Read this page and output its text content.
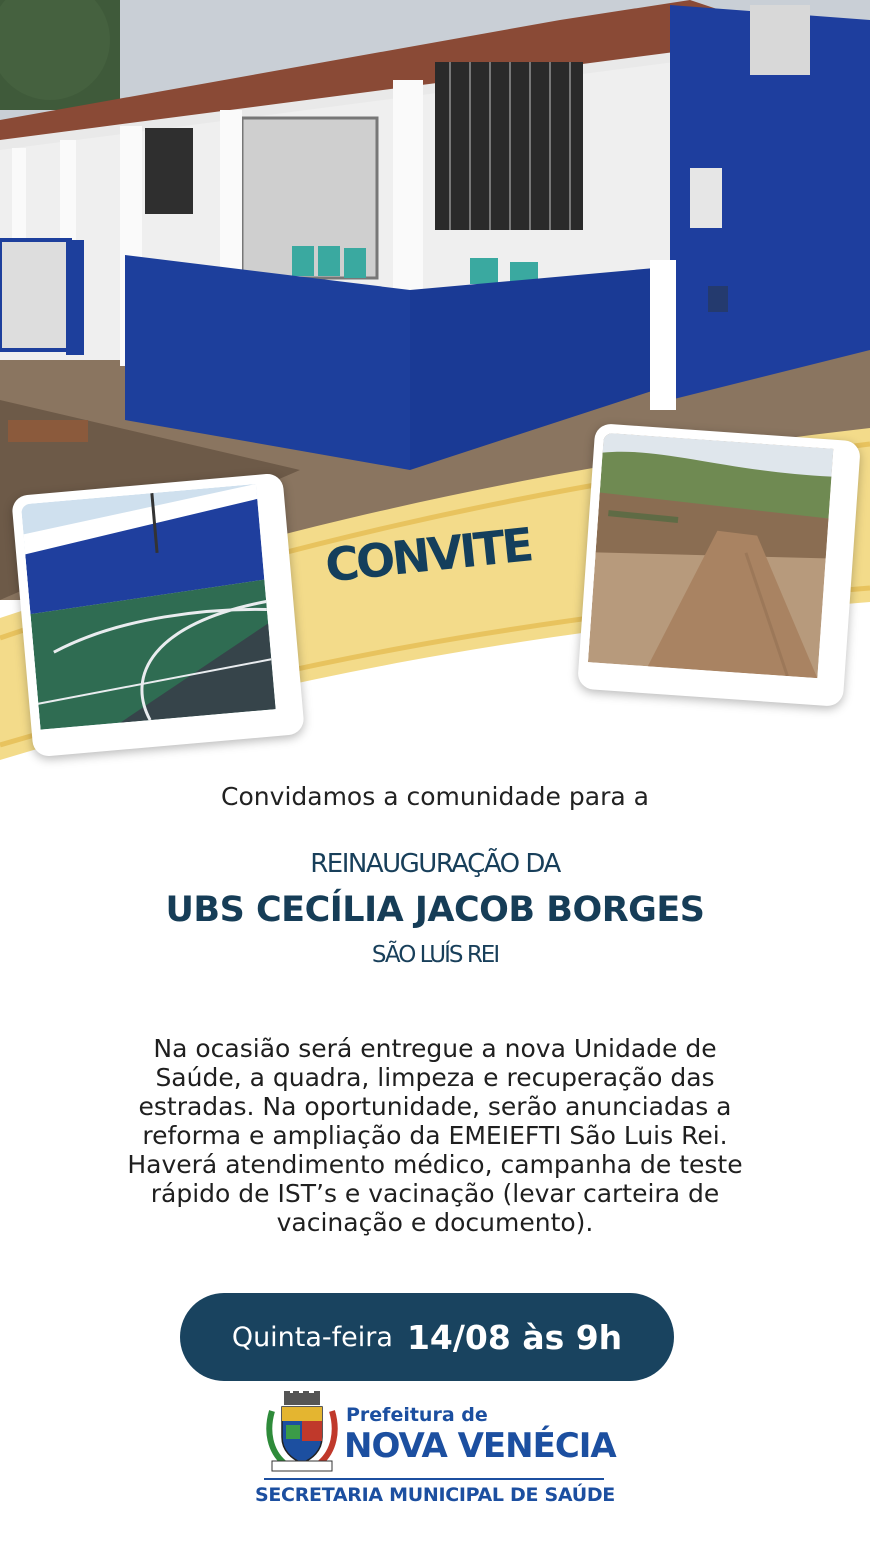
CONVITE
Convidamos a comunidade para a
REINAUGURAÇÃO DA
UBS CECÍLIA JACOB BORGES
SÃO LUÍS REI
Na ocasião será entregue a nova Unidade de
Saúde, a quadra, limpeza e recuperação das
estradas. Na oportunidade, serão anunciadas a
reforma e ampliação da EMEIEFTI São Luis Rei.
Haverá atendimento médico, campanha de teste
rápido de IST’s e vacinação (levar carteira de
vacinação e documento).
Quinta-feira 14/08 às 9h
Prefeitura de
NOVA VENÉCIA
SECRETARIA MUNICIPAL DE SAÚDE
